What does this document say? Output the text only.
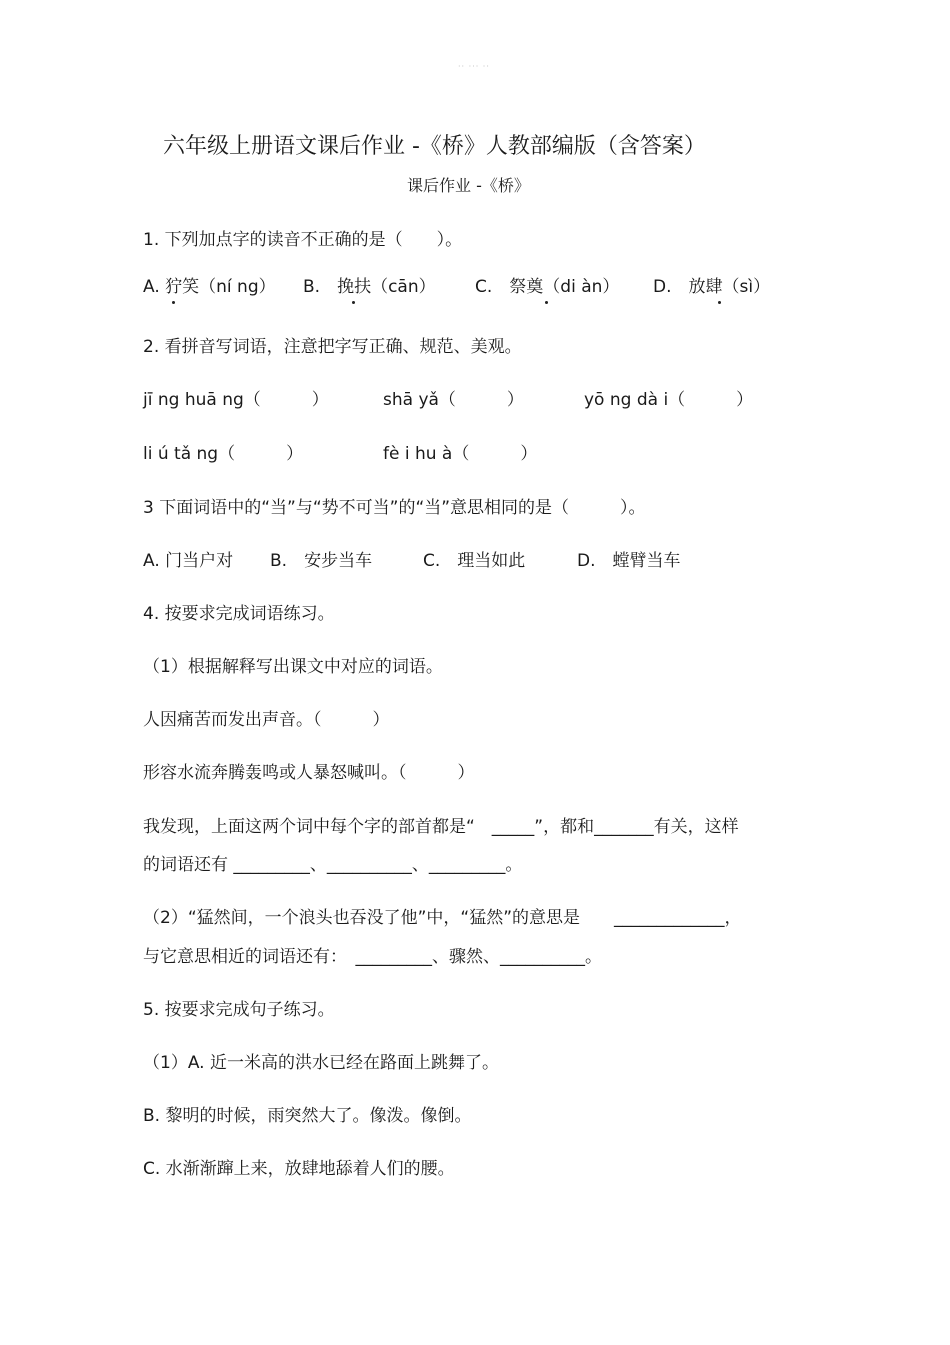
·· ··· ··
六年级上册语文课后作业 -《桥》人教部编版（含答案）
课后作业 -《桥》
1. 下列加点字的读音不正确的是（　　）。
A. 狞笑（ní ng） B.　挽扶（cān） C.　祭奠（di àn） D.　放肆（sì）
2. 看拼音写词语，注意把字写正确、规范、美观。
jī ng huā ng（　　　）	shā yǎ（　　　）	yō ng dà i（　　　）
li ú tǎ ng（　　　）	fè i hu à（　　　）
3 下面词语中的“当”与“势不可当”的“当”意思相同的是（　　　）。
A. 门当户对 B.　安步当车	C.　理当如此	D.　螳臂当车
4. 按要求完成词语练习。
（1）根据解释写出课文中对应的词语。
人因痛苦而发出声音。（　　　）
形容水流奔腾轰鸣或人暴怒喊叫。（　　　）
我发现，上面这两个词中每个字的部首都是“　_____”，都和_______有关，这样
的词语还有 _________、__________、_________。
（2）“猛然间，一个浪头也吞没了他”中，“猛然”的意思是　　_____________，
与它意思相近的词语还有：　_________、骤然、__________。
5. 按要求完成句子练习。
（1）A. 近一米高的洪水已经在路面上跳舞了。
B. 黎明的时候，雨突然大了。像泼。像倒。
C. 水渐渐蹿上来，放肆地舔着人们的腰。
